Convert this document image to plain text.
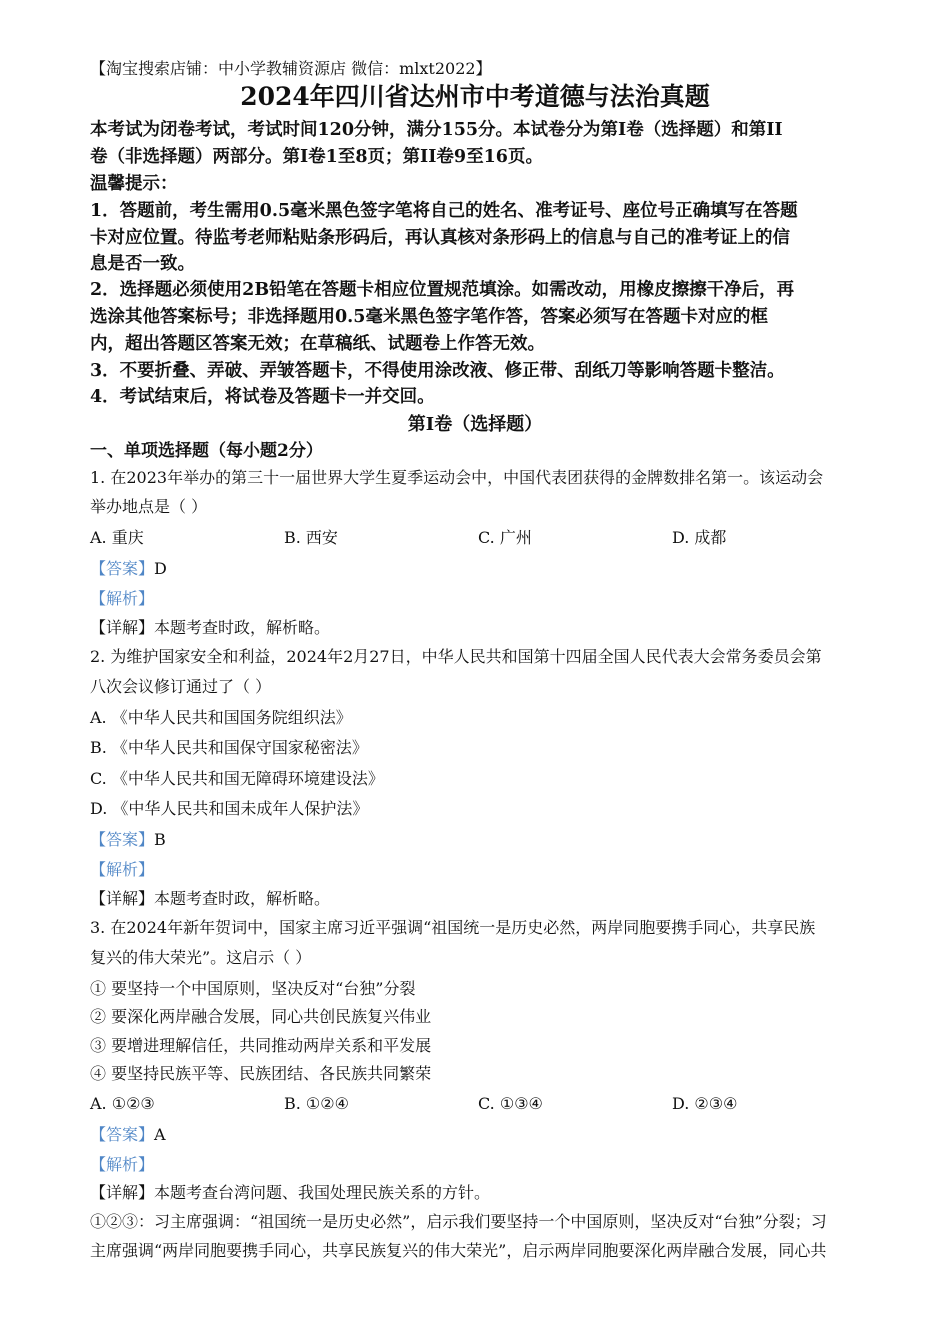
【淘宝搜索店铺：中小学教辅资源店 微信：mlxt2022】
2024年四川省达州市中考道德与法治真题
本考试为闭卷考试，考试时间120分钟，满分155分。本试卷分为第I卷（选择题）和第II
卷（非选择题）两部分。第I卷1至8页；第II卷9至16页。
温馨提示：
1．答题前，考生需用0.5毫米黑色签字笔将自己的姓名、准考证号、座位号正确填写在答题
卡对应位置。待监考老师粘贴条形码后，再认真核对条形码上的信息与自己的准考证上的信
息是否一致。
2．选择题必须使用2B铅笔在答题卡相应位置规范填涂。如需改动，用橡皮擦擦干净后，再
选涂其他答案标号；非选择题用0.5毫米黑色签字笔作答，答案必须写在答题卡对应的框
内，超出答题区答案无效；在草稿纸、试题卷上作答无效。
3．不要折叠、弄破、弄皱答题卡，不得使用涂改液、修正带、刮纸刀等影响答题卡整洁。
4．考试结束后，将试卷及答题卡一并交回。
第Ⅰ卷（选择题）
一、单项选择题（每小题2分）
1. 在2023年举办的第三十一届世界大学生夏季运动会中，中国代表团获得的金牌数排名第一。该运动会
举办地点是（ ）
A. 重庆	B. 西安	C. 广州	D. 成都
【答案】D
【解析】
【详解】本题考查时政，解析略。
2. 为维护国家安全和利益，2024年2月27日，中华人民共和国第十四届全国人民代表大会常务委员会第
八次会议修订通过了（ ）
A. 《中华人民共和国国务院组织法》
B. 《中华人民共和国保守国家秘密法》
C. 《中华人民共和国无障碍环境建设法》
D. 《中华人民共和国未成年人保护法》
【答案】B
【解析】
【详解】本题考查时政，解析略。
3. 在2024年新年贺词中，国家主席习近平强调“祖国统一是历史必然，两岸同胞要携手同心，共享民族
复兴的伟大荣光”。这启示（ ）
① 要坚持一个中国原则，坚决反对“台独”分裂
② 要深化两岸融合发展，同心共创民族复兴伟业
③ 要增进理解信任，共同推动两岸关系和平发展
④ 要坚持民族平等、民族团结、各民族共同繁荣
A. ①②③	B. ①②④	C. ①③④	D. ②③④
【答案】A
【解析】
【详解】本题考查台湾问题、我国处理民族关系的方针。
①②③：习主席强调：“祖国统一是历史必然”，启示我们要坚持一个中国原则，坚决反对“台独”分裂；习
主席强调“两岸同胞要携手同心，共享民族复兴的伟大荣光”，启示两岸同胞要深化两岸融合发展，同心共
